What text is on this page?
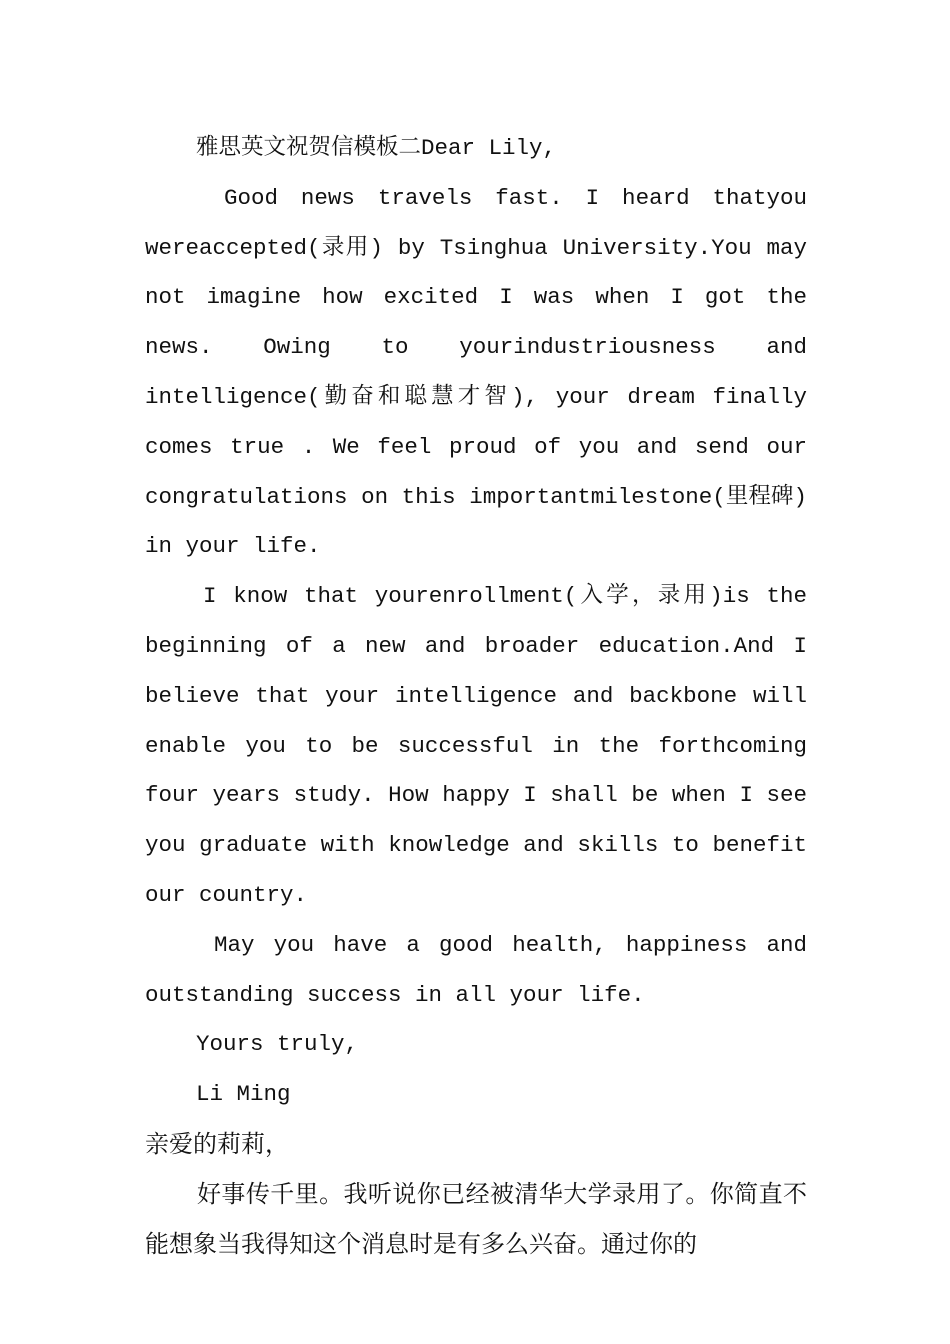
雅思英文祝贺信模板二Dear Lily,

Good news travels fast. I heard thatyou wereaccepted(录用) by Tsinghua University.You may not imagine how excited I was when I got the news. Owing to yourindustriousness and intelligence(勤奋和聪慧才智), your dream finally comes true . We feel proud of you and send our congratulations on this importantmilestone(里程碑) in your life.

I know that yourenrollment(入学，录用)is the beginning of a new and broader education.And I believe that your intelligence and backbone will enable you to be successful in the forthcoming four years study. How happy I shall be when I see you graduate with knowledge and skills to benefit our country.

May you have a good health, happiness and outstanding success in all your life.

Yours truly,

Li Ming

亲爱的莉莉，

好事传千里。我听说你已经被清华大学录用了。你简直不能想象当我得知这个消息时是有多么兴奋。通过你的
